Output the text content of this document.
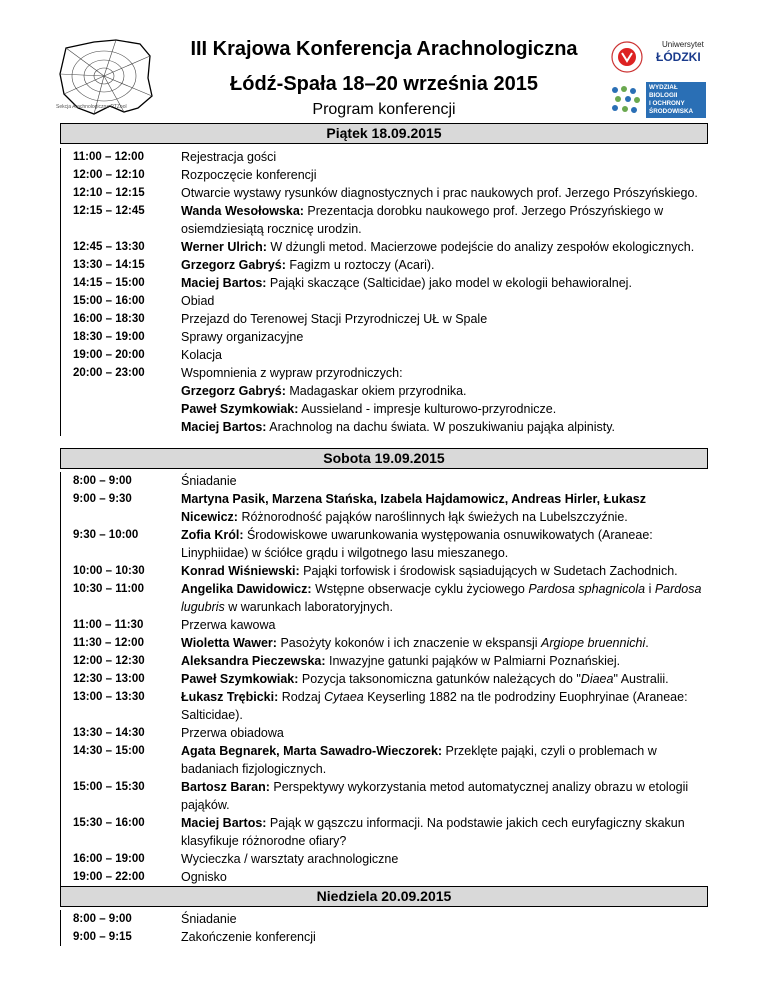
Sekcja Arachnologiczna PTZool
III Krajowa Konferencja Arachnologiczna
Łódź-Spała 18–20 września 2015
Program konferencji
Uniwersytet
ŁÓDZKI
WYDZIAŁ
BIOLOGII
I OCHRONY
ŚRODOWISKA
Piątek 18.09.2015
11:00 – 12:00	Rejestracja gości
12:00 – 12:10	Rozpoczęcie konferencji
12:10 – 12:15	Otwarcie wystawy rysunków diagnostycznych i prac naukowych prof. Jerzego Prószyńskiego.
12:15 – 12:45	Wanda Wesołowska: Prezentacja dorobku naukowego prof. Jerzego Prószyńskiego w osiemdziesiątą rocznicę urodzin.
12:45 – 13:30	Werner Ulrich: W dżungli metod. Macierzowe podejście do analizy zespołów ekologicznych.
13:30 – 14:15	Grzegorz Gabryś: Fagizm u roztoczy (Acari).
14:15 – 15:00	Maciej Bartos: Pająki skaczące (Salticidae) jako model w ekologii behawioralnej.
15:00 – 16:00	Obiad
16:00 – 18:30	Przejazd do Terenowej Stacji Przyrodniczej UŁ w Spale
18:30 – 19:00	Sprawy organizacyjne
19:00 – 20:00	Kolacja
20:00 – 23:00	Wspomnienia z wypraw przyrodniczych:
Grzegorz Gabryś: Madagaskar okiem przyrodnika.
Paweł Szymkowiak: Aussieland - impresje kulturowo-przyrodnicze.
Maciej Bartos: Arachnolog na dachu świata. W poszukiwaniu pająka alpinisty.
Sobota 19.09.2015
8:00 – 9:00	Śniadanie
9:00 – 9:30	Martyna Pasik, Marzena Stańska, Izabela Hajdamowicz, Andreas Hirler, Łukasz Nicewicz: Różnorodność pająków naroślinnych łąk świeżych na Lubelszczyźnie.
9:30 – 10:00	Zofia Król: Środowiskowe uwarunkowania występowania osnuwikowatych (Araneae: Linyphiidae) w ściółce grądu i wilgotnego lasu mieszanego.
10:00 – 10:30	Konrad Wiśniewski: Pająki torfowisk i środowisk sąsiadujących w Sudetach Zachodnich.
10:30 – 11:00	Angelika Dawidowicz: Wstępne obserwacje cyklu życiowego Pardosa sphagnicola i Pardosa lugubris w warunkach laboratoryjnych.
11:00 – 11:30	Przerwa kawowa
11:30 – 12:00	Wioletta Wawer: Pasożyty kokonów i ich znaczenie w ekspansji Argiope bruennichi.
12:00 – 12:30	Aleksandra Pieczewska: Inwazyjne gatunki pająków w Palmiarni Poznańskiej.
12:30 – 13:00	Paweł Szymkowiak: Pozycja taksonomiczna gatunków należących do "Diaea" Australii.
13:00 – 13:30	Łukasz Trębicki: Rodzaj Cytaea Keyserling 1882 na tle podrodziny Euophryinae (Araneae: Salticidae).
13:30 – 14:30	Przerwa obiadowa
14:30 – 15:00	Agata Begnarek, Marta Sawadro-Wieczorek: Przeklęte pająki, czyli o problemach w badaniach fizjologicznych.
15:00 – 15:30	Bartosz Baran: Perspektywy wykorzystania metod automatycznej analizy obrazu w etologii pająków.
15:30 – 16:00	Maciej Bartos: Pająk w gąszczu informacji. Na podstawie jakich cech euryfagiczny skakun klasyfikuje różnorodne ofiary?
16:00 – 19:00	Wycieczka / warsztaty arachnologiczne
19:00 – 22:00	Ognisko
Niedziela 20.09.2015
8:00 – 9:00	Śniadanie
9:00 – 9:15	Zakończenie konferencji
